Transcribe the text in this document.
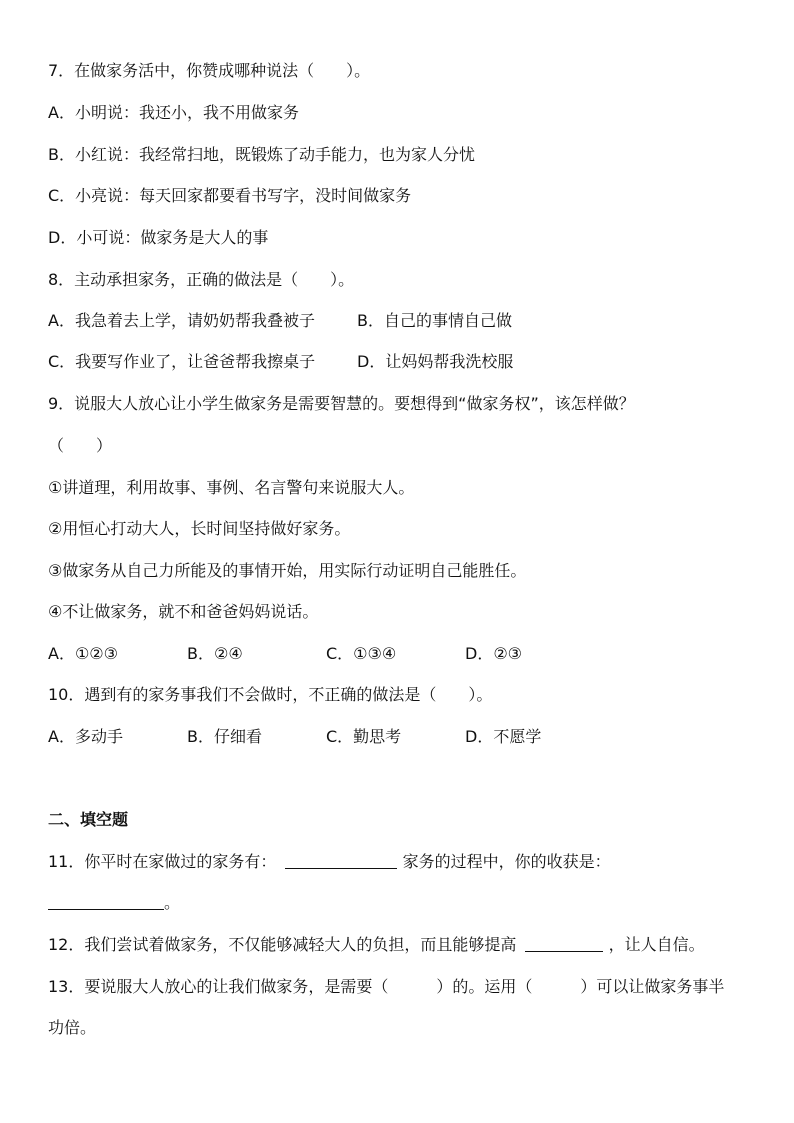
7．在做家务活中，你赞成哪种说法（　　）。
A．小明说：我还小，我不用做家务
B．小红说：我经常扫地，既锻炼了动手能力，也为家人分忧
C．小亮说：每天回家都要看书写字，没时间做家务
D．小可说：做家务是大人的事
8．主动承担家务，正确的做法是（　　）。
A．我急着去上学，请奶奶帮我叠被子	B．自己的事情自己做
C．我要写作业了，让爸爸帮我擦桌子	D．让妈妈帮我洗校服
9．说服大人放心让小学生做家务是需要智慧的。要想得到“做家务权”，该怎样做？
（　　）
①讲道理，利用故事、事例、名言警句来说服大人。
②用恒心打动大人，长时间坚持做好家务。
③做家务从自己力所能及的事情开始，用实际行动证明自己能胜任。
④不让做家务，就不和爸爸妈妈说话。
A．①②③	B．②④	C．①③④	D．②③
10．遇到有的家务事我们不会做时，不正确的做法是（　　）。
A．多动手	B．仔细看	C．勤思考	D．不愿学
二、填空题
11．你平时在家做过的家务有：	家务的过程中，你的收获是：
。
12．我们尝试着做家务，不仅能够减轻大人的负担，而且能够提高	，让人自信。
13．要说服大人放心的让我们做家务，是需要（　　　）的。运用（　　　）可以让做家务事半
功倍。
